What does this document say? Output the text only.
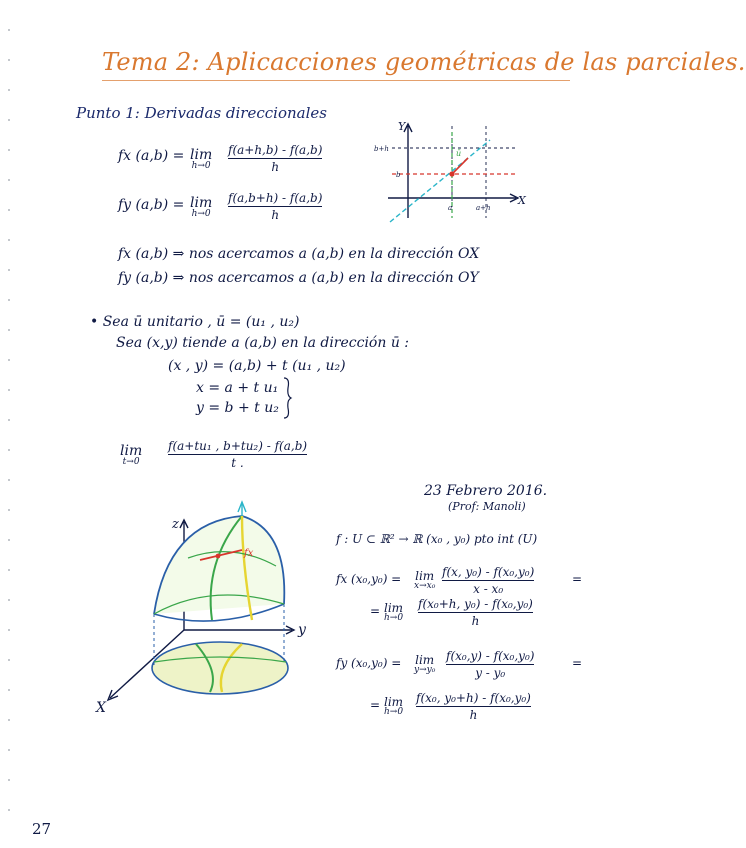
Tema 2: Aplicacciones geométricas de las parciales.
Punto 1: Derivadas direccionales
fx (a,b) = lim
h→0
f(a+h,b) - f(a,b)
h
fy (a,b) = lim
h→0
f(a,b+h) - f(a,b)
h
Y
X
b+h
b
a	a+h
ū
fx (a,b) ⇒ nos acercamos a (a,b) en la dirección OX
fy (a,b) ⇒ nos acercamos a (a,b) en la dirección OY
• Sea ū unitario , ū = (u₁ , u₂)
Sea (x,y) tiende a (a,b) en la dirección ū :
(x , y) = (a,b) + t (u₁ , u₂)
x = a + t u₁
y = b + t u₂
lim
t→0
f(a+tu₁ , b+tu₂) - f(a,b)
t .
23 Febrero 2016.
(Prof: Manoli)
z
y
X
fx
f : U ⊂ ℝ² → ℝ (x₀ , y₀) pto int (U)
fx (x₀,y₀) = lim
x→x₀
f(x, y₀) - f(x₀,y₀)
x - x₀
=
= lim
h→0
f(x₀+h, y₀) - f(x₀,y₀)
h
fy (x₀,y₀) = lim
y→y₀
f(x₀,y) - f(x₀,y₀)
y - y₀
=
= lim
h→0
f(x₀, y₀+h) - f(x₀,y₀)
h
27
